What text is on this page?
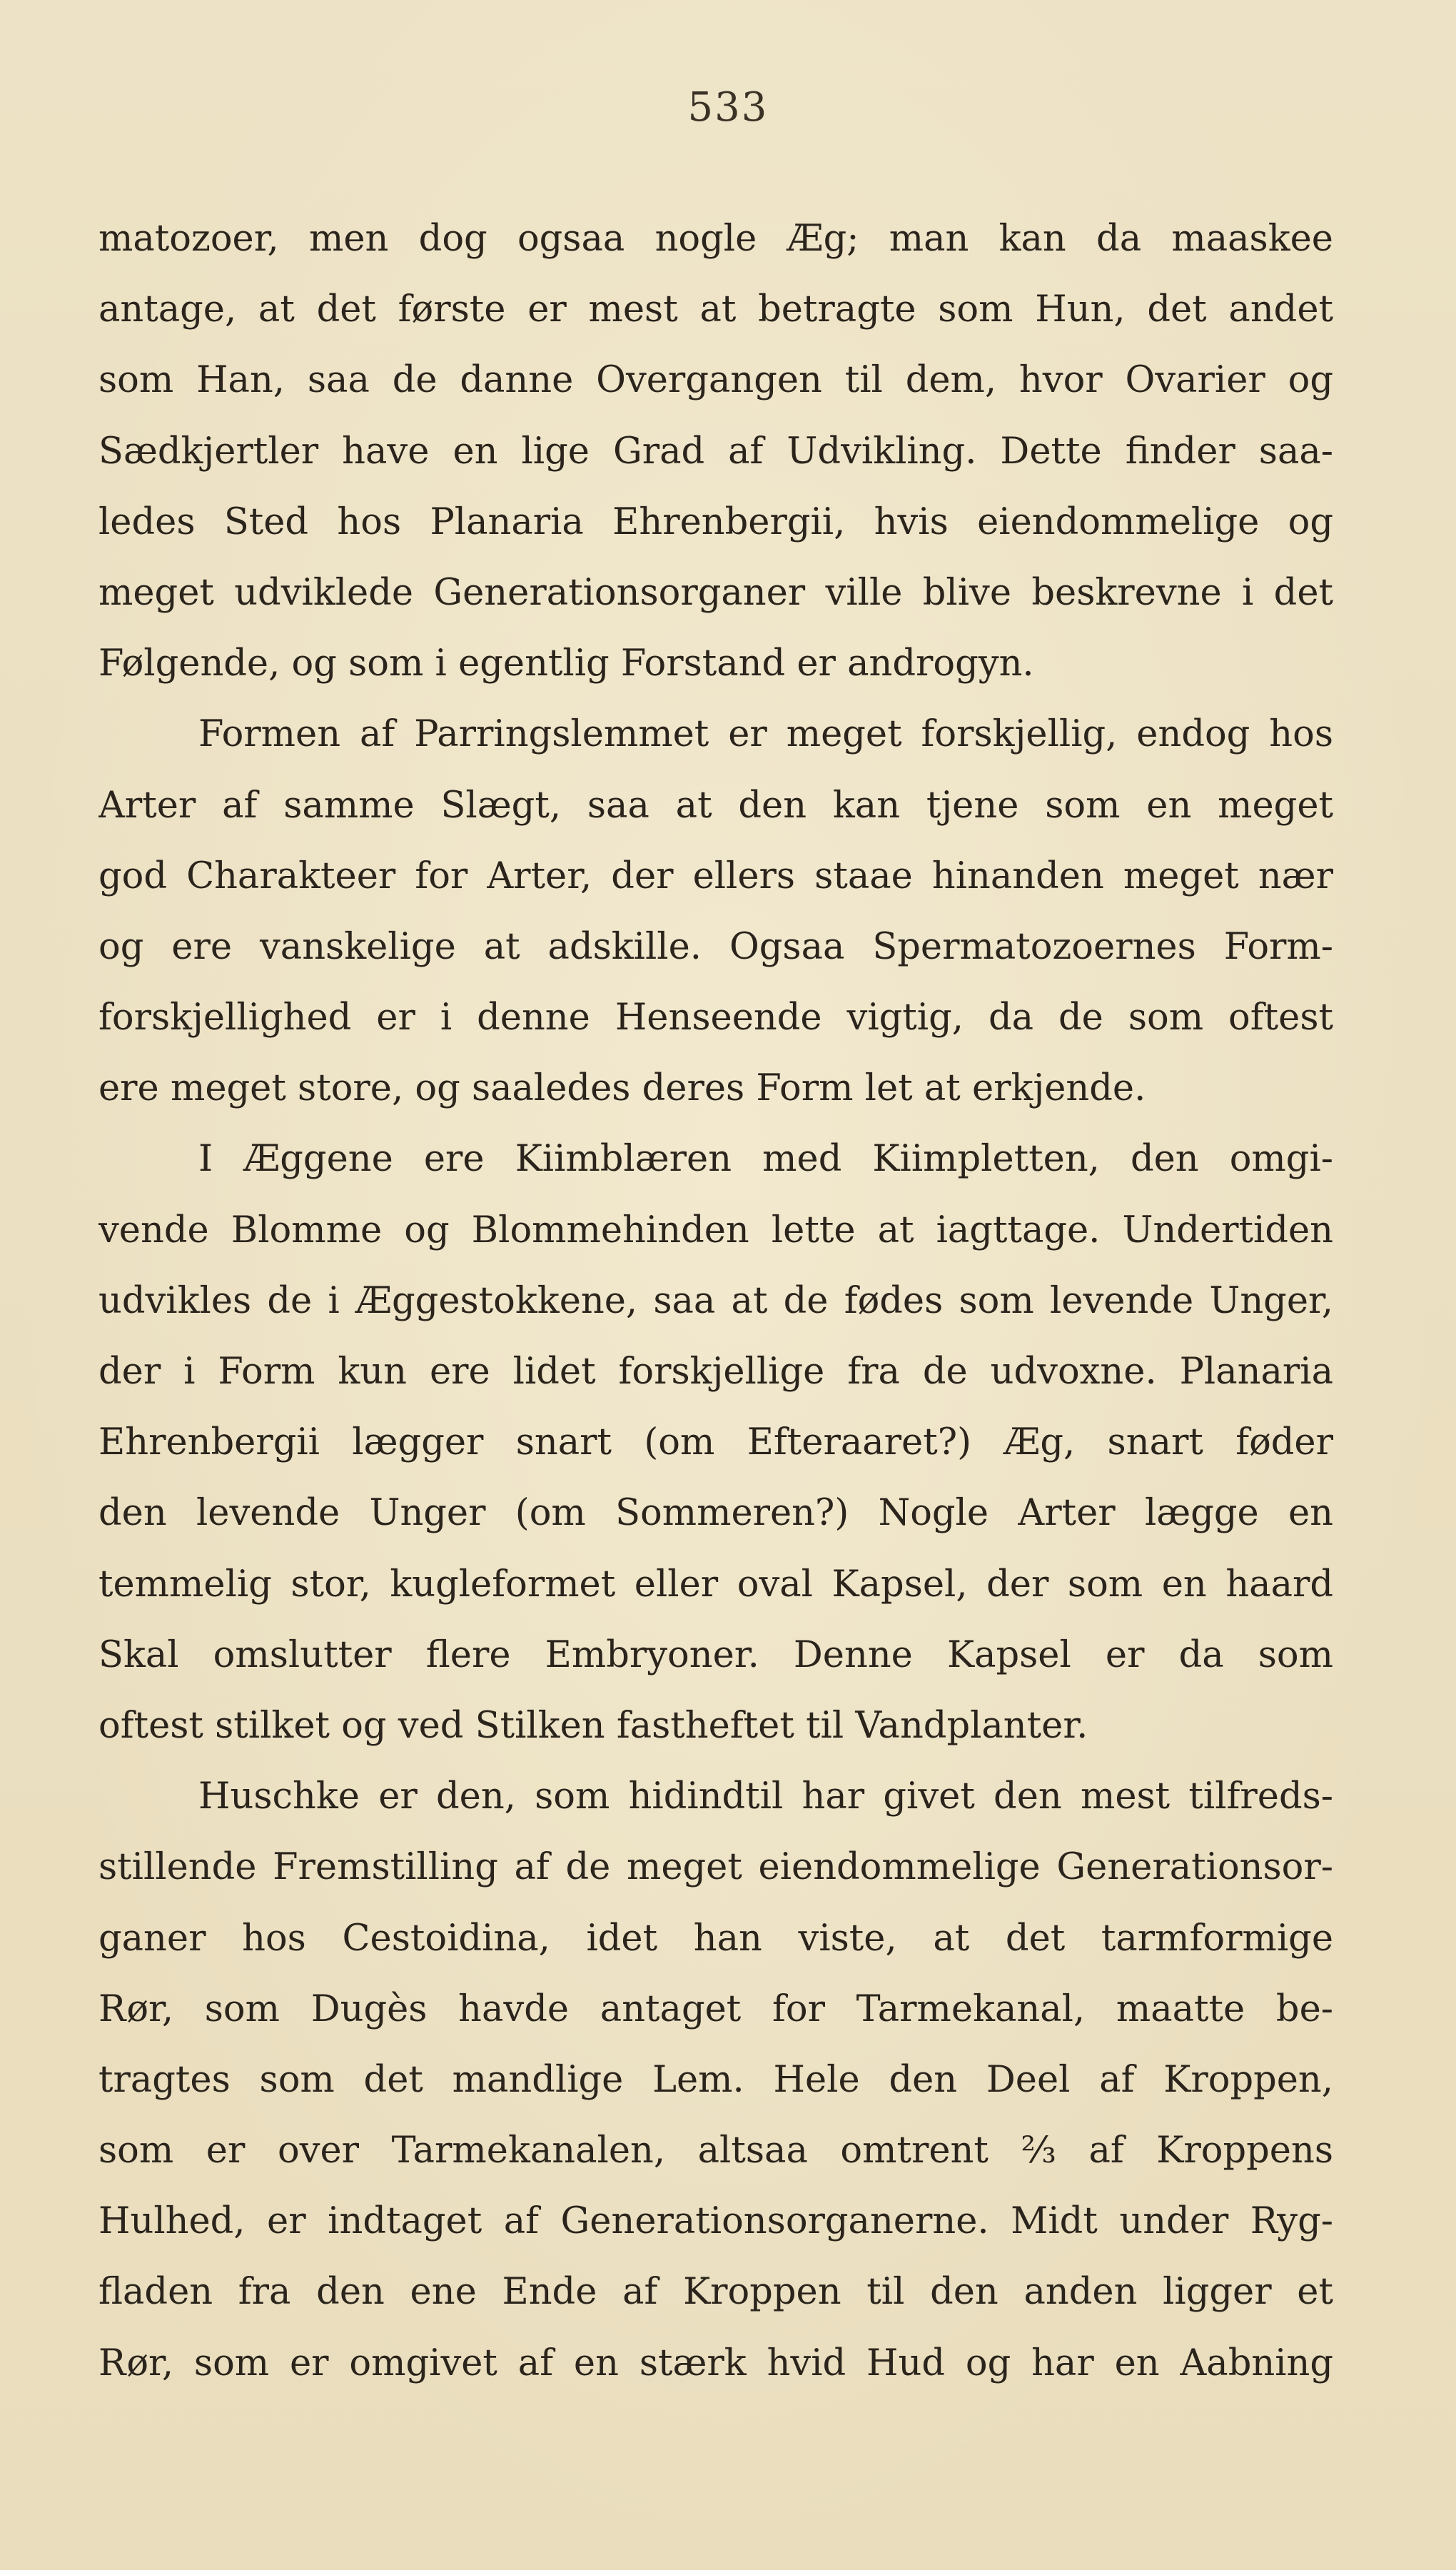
533
matozoer, men dog ogsaa nogle Æg; man kan da maaskee
antage, at det første er mest at betragte som Hun, det andet
som Han, saa de danne Overgangen til dem, hvor Ovarier og
Sædkjertler have en lige Grad af Udvikling. Dette finder saa-
ledes Sted hos Planaria Ehrenbergii, hvis eiendommelige og
meget udviklede Generationsorganer ville blive beskrevne i det
Følgende, og som i egentlig Forstand er androgyn.
Formen af Parringslemmet er meget forskjellig, endog hos
Arter af samme Slægt, saa at den kan tjene som en meget
god Charakteer for Arter, der ellers staae hinanden meget nær
og ere vanskelige at adskille. Ogsaa Spermatozoernes Form-
forskjellighed er i denne Henseende vigtig, da de som oftest
ere meget store, og saaledes deres Form let at erkjende.
I Æggene ere Kiimblæren med Kiimpletten, den omgi-
vende Blomme og Blommehinden lette at iagttage. Undertiden
udvikles de i Æggestokkene, saa at de fødes som levende Unger,
der i Form kun ere lidet forskjellige fra de udvoxne. Planaria
Ehrenbergii lægger snart (om Efteraaret?) Æg, snart føder
den levende Unger (om Sommeren?) Nogle Arter lægge en
temmelig stor, kugleformet eller oval Kapsel, der som en haard
Skal omslutter flere Embryoner. Denne Kapsel er da som
oftest stilket og ved Stilken fastheftet til Vandplanter.
Huschke er den, som hidindtil har givet den mest tilfreds-
stillende Fremstilling af de meget eiendommelige Generationsor-
ganer hos Cestoidina, idet han viste, at det tarmformige
Rør, som Dugès havde antaget for Tarmekanal, maatte be-
tragtes som det mandlige Lem. Hele den Deel af Kroppen,
som er over Tarmekanalen, altsaa omtrent ⅔ af Kroppens
Hulhed, er indtaget af Generationsorganerne. Midt under Ryg-
fladen fra den ene Ende af Kroppen til den anden ligger et
Rør, som er omgivet af en stærk hvid Hud og har en Aabning
